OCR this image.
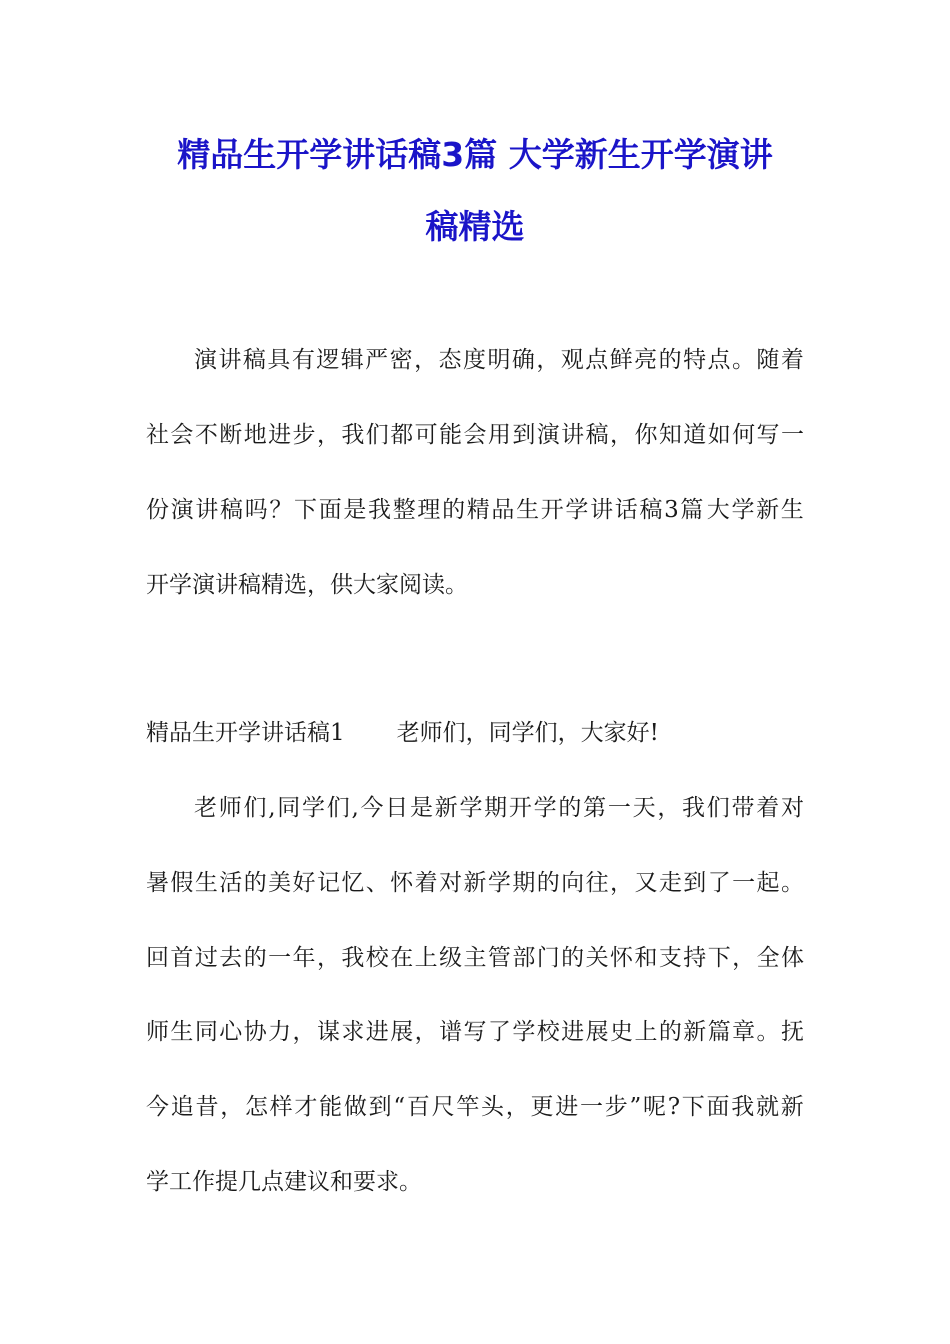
精品生开学讲话稿3篇 大学新生开学演讲
稿精选
演 讲 稿 具 有 逻 辑 严 密 ， 态 度 明 确 ， 观 点 鲜 亮 的 特 点 。 随 着
社 会 不 断 地 进 步 ， 我 们 都 可 能 会 用 到 演 讲 稿 ， 你 知 道 如 何 写 一
份 演 讲 稿 吗 ？ 下 面 是 我 整 理 的 精 品 生 开 学 讲 话 稿 3 篇 大 学 新 生
开学演讲稿精选，供大家阅读。
精品生开学讲话稿1 老师们，同学们，大家好!
老 师 们 , 同 学 们 , 今 日 是 新 学 期 开 学 的 第 一 天 ， 我 们 带 着 对
暑 假 生 活 的 美 好 记 忆 、 怀 着 对 新 学 期 的 向 往 ， 又 走 到 了 一 起 。
回 首 过 去 的 一 年 ， 我 校 在 上 级 主 管 部 门 的 关 怀 和 支 持 下 ， 全 体
师 生 同 心 协 力 ， 谋 求 进 展 ， 谱 写 了 学 校 进 展 史 上 的 新 篇 章 。 抚
今 追 昔 ， 怎 样 才 能 做 到 “ 百 尺 竿 头 ， 更 进 一 步 ” 呢 ? 下 面 我 就 新
学工作提几点建议和要求。
